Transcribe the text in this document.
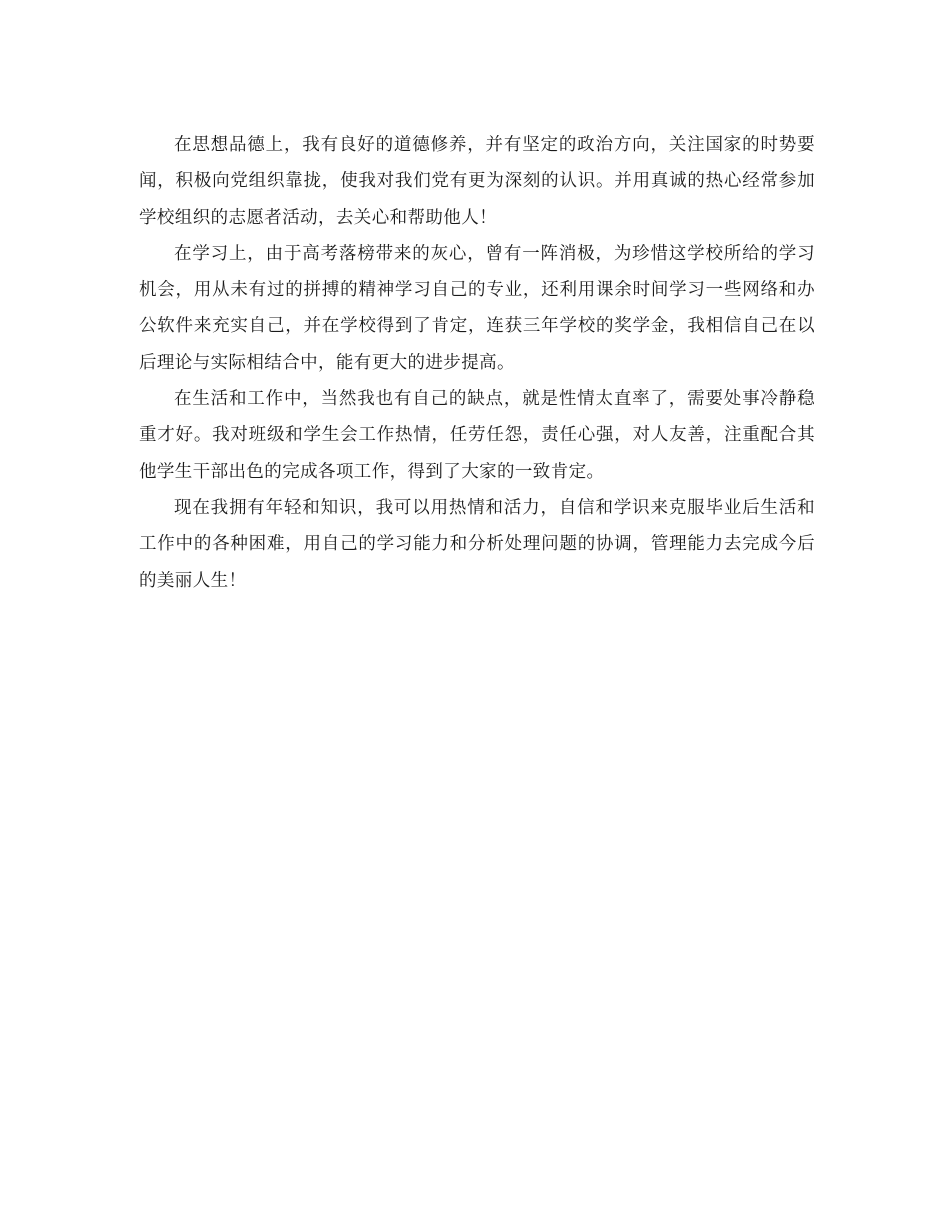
在思想品德上，我有良好的道德修养，并有坚定的政治方向，关注国家的时势要闻，积极向党组织靠拢，使我对我们党有更为深刻的认识。并用真诚的热心经常参加学校组织的志愿者活动，去关心和帮助他人！

在学习上，由于高考落榜带来的灰心，曾有一阵消极，为珍惜这学校所给的学习机会，用从未有过的拼搏的精神学习自己的专业，还利用课余时间学习一些网络和办公软件来充实自己，并在学校得到了肯定，连获三年学校的奖学金，我相信自己在以后理论与实际相结合中，能有更大的进步提高。

在生活和工作中，当然我也有自己的缺点，就是性情太直率了，需要处事冷静稳重才好。我对班级和学生会工作热情，任劳任怨，责任心强，对人友善，注重配合其他学生干部出色的完成各项工作，得到了大家的一致肯定。

现在我拥有年轻和知识，我可以用热情和活力，自信和学识来克服毕业后生活和工作中的各种困难，用自己的学习能力和分析处理问题的协调，管理能力去完成今后的美丽人生！
